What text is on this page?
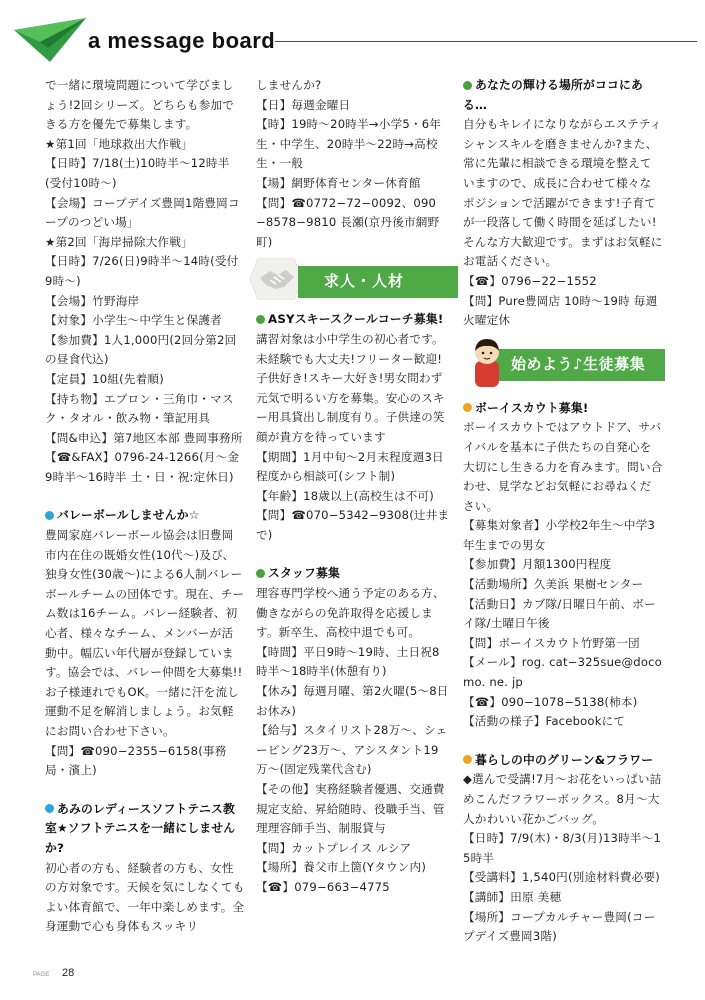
a message board

で一緒に環境問題について学びましょう!2回シリーズ。どちらも参加できる方を優先で募集します。

★第1回「地球救出大作戦」

【日時】7/18(土)10時半〜12時半(受付10時〜)

【会場】コープデイズ豊岡1階豊岡コープのつどい場」

★第2回「海岸掃除大作戦」

【日時】7/26(日)9時半〜14時(受付9時〜)

【会場】竹野海岸

【対象】小学生〜中学生と保護者

【参加費】1人1,000円(2回分第2回の昼食代込)

【定員】10組(先着順)

【持ち物】エプロン・三角巾・マスク・タオル・飲み物・筆記用具

【問&申込】第7地区本部 豊岡事務所

【☎&FAX】0796-24-1266(月〜金9時半〜16時半 土・日・祝:定休日)

バレーボールしませんか☆

豊岡家庭バレーボール協会は旧豊岡市内在住の既婚女性(10代〜)及び、独身女性(30歳〜)による6人制バレーボールチームの団体です。現在、チーム数は16チーム。バレー経験者、初心者、様々なチーム、メンバーが活動中。幅広い年代層が登録しています。協会では、バレー仲間を大募集!!お子様連れでもOK。一緒に汗を流し運動不足を解消しましょう。お気軽にお問い合わせ下さい。

【問】☎090−2355−6158(事務局・濱上)

あみのレディースソフトテニス教室★ソフトテニスを一緒にしませんか?

初心者の方も、経験者の方も、女性の方対象です。天候を気にしなくてもよい体育館で、一年中楽しめます。全身運動で心も身体もスッキリ

しませんか?

【日】毎週金曜日

【時】19時〜20時半→小学5・6年生・中学生、20時半〜22時→高校生・一般

【場】網野体育センター休育館

【問】☎0772−72−0092、090−8578−9810 長瀬(京丹後市網野町)

求人・人材

ASYスキースクールコーチ募集!

講習対象は小中学生の初心者です。未経験でも大丈夫!フリーター歓迎!子供好き!スキー大好き!男女問わず元気で明るい方を募集。安心のスキー用具貸出し制度有り。子供達の笑顔が貴方を待っています

【期間】1月中旬〜2月末程度週3日程度から相談可(シフト制)

【年齢】18歳以上(高校生は不可)

【問】☎070−5342−9308(辻井まで)

スタッフ募集

理容専門学校へ通う予定のある方、働きながらの免許取得を応援します。新卒生、高校中退でも可。

【時間】平日9時〜19時、土日祝8時半〜18時半(休憩有り)

【休み】毎週月曜、第2火曜(5〜8日お休み)

【給与】スタイリスト28万〜、シェービング23万〜、アシスタント19万〜(固定残業代含む)

【その他】実務経験者優遇、交通費規定支給、昇給随時、役職手当、管理理容師手当、制服貸与

【問】カットプレイス ルシア

【場所】養父市上箇(Yタウン内)

【☎】079−663−4775

あなたの輝ける場所がココにある…

自分もキレイになりながらエステティシャンスキルを磨きませんか?また、常に先輩に相談できる環境を整えていますので、成長に合わせて様々なポジションで活躍ができます!子育てが一段落して働く時間を延ばしたい!そんな方大歓迎です。まずはお気軽にお電話ください。

【☎】0796−22−1552

【問】Pure豊岡店 10時〜19時 毎週火曜定休

始めよう♪生徒募集

ボーイスカウト募集!

ボーイスカウトではアウトドア、サバイバルを基本に子供たちの自発心を大切にし生きる力を育みます。問い合わせ、見学などお気軽にお尋ねください。

【募集対象者】小学校2年生〜中学3年生までの男女

【参加費】月額1300円程度

【活動場所】久美浜 果樹センター

【活動日】カブ隊/日曜日午前、ボーイ隊/土曜日午後

【問】ボーイスカウト竹野第一団

【メール】rog. cat−325sue@docomo. ne. jp

【☎】090−1078−5138(柿本)

【活動の様子】Facebookにて

暮らしの中のグリーン&フラワー

◆選んで受講!7月〜お花をいっぱい詰めこんだフラワーボックス。8月〜大人かわいい花かごバッグ。

【日時】7/9(木)・8/3(月)13時半〜15時半

【受講料】1,540円(別途材料費必要)

【講師】田原 美穂

【場所】コープカルチャー豊岡(コープデイズ豊岡3階)

PAGE 28
